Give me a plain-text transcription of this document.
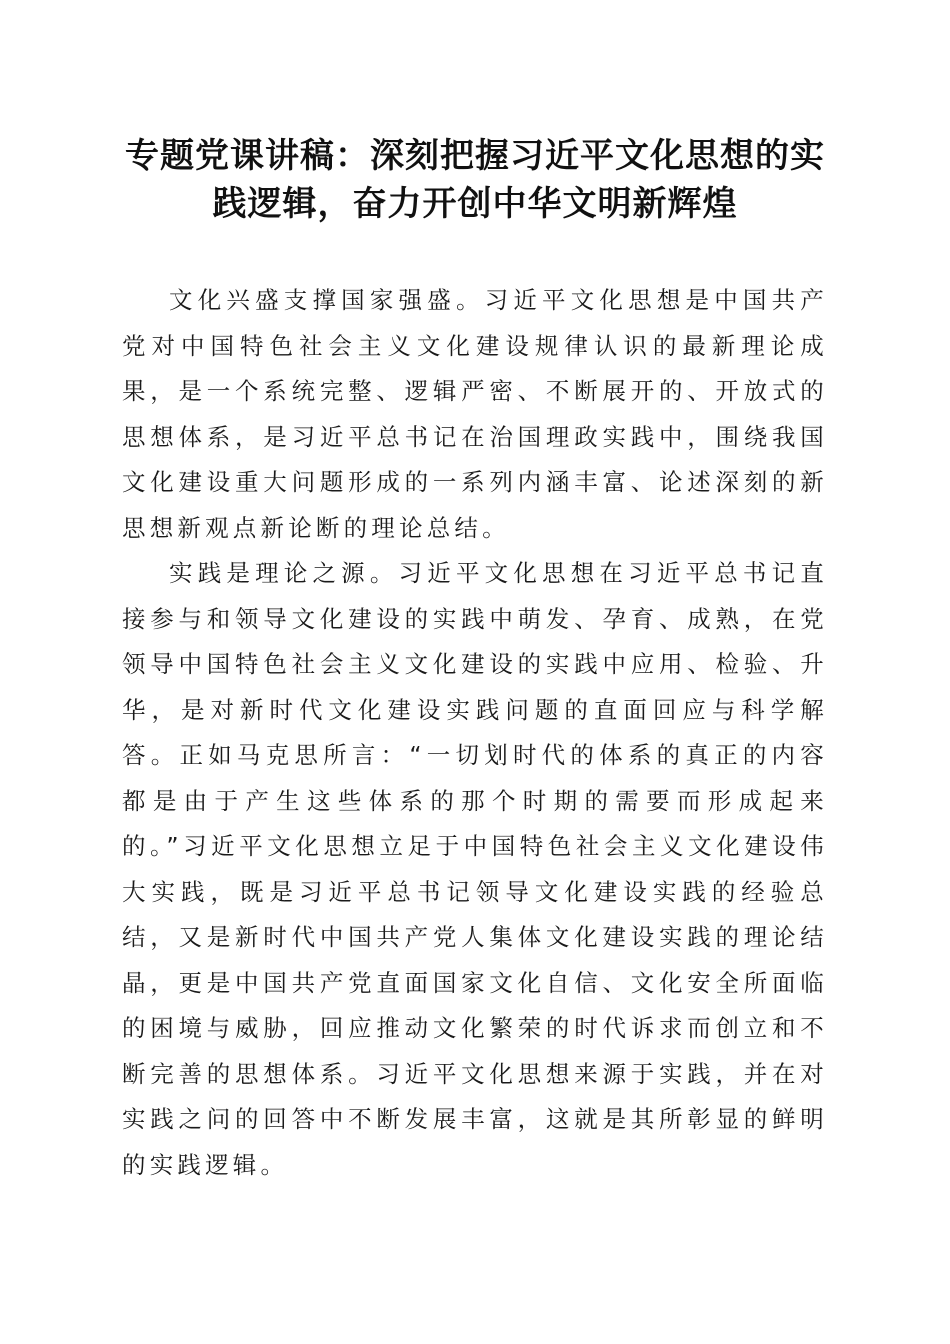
专题党课讲稿：深刻把握习近平文化思想的实践逻辑，奋力开创中华文明新辉煌

文化兴盛支撑国家强盛。习近平文化思想是中国共产党对中国特色社会主义文化建设规律认识的最新理论成果，是一个系统完整、逻辑严密、不断展开的、开放式的思想体系，是习近平总书记在治国理政实践中，围绕我国文化建设重大问题形成的一系列内涵丰富、论述深刻的新思想新观点新论断的理论总结。

实践是理论之源。习近平文化思想在习近平总书记直接参与和领导文化建设的实践中萌发、孕育、成熟，在党领导中国特色社会主义文化建设的实践中应用、检验、升华，是对新时代文化建设实践问题的直面回应与科学解答。正如马克思所言：“一切划时代的体系的真正的内容都是由于产生这些体系的那个时期的需要而形成起来的。”习近平文化思想立足于中国特色社会主义文化建设伟大实践，既是习近平总书记领导文化建设实践的经验总结，又是新时代中国共产党人集体文化建设实践的理论结晶，更是中国共产党直面国家文化自信、文化安全所面临的困境与威胁，回应推动文化繁荣的时代诉求而创立和不断完善的思想体系。习近平文化思想来源于实践，并在对实践之问的回答中不断发展丰富，这就是其所彰显的鲜明的实践逻辑。
